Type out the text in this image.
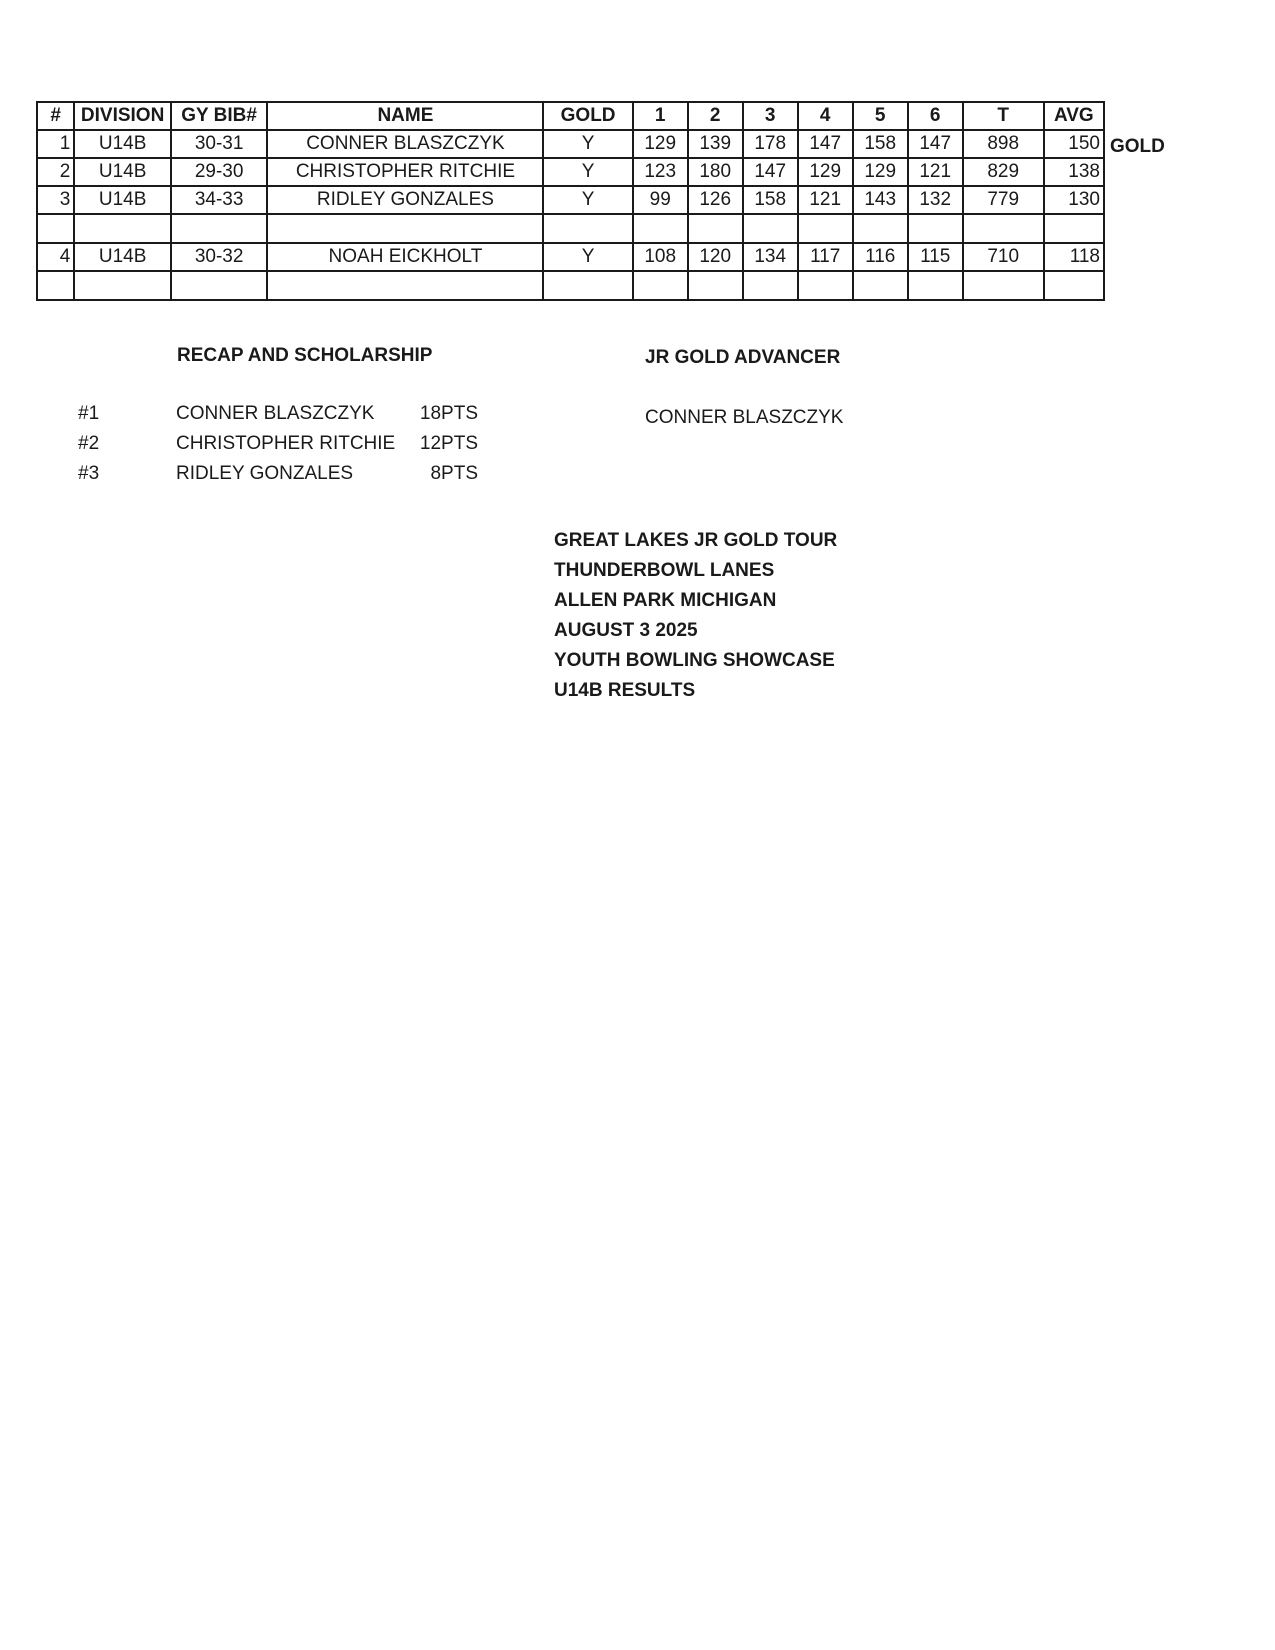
#	DIVISION	GY BIB#	NAME	GOLD	1	2	3	4	5	6	T	AVG
1	U14B	30-31	CONNER BLASZCZYK	Y	129	139	178	147	158	147	898	150
2	U14B	29-30	CHRISTOPHER RITCHIE	Y	123	180	147	129	129	121	829	138
3	U14B	34-33	RIDLEY GONZALES	Y	99	126	158	121	143	132	779	130

4	U14B	30-32	NOAH EICKHOLT	Y	108	120	134	117	116	115	710	118

GOLD
RECAP AND SCHOLARSHIP
#1	CONNER BLASZCZYK 18PTS
#2	CHRISTOPHER RITCHIE 12PTS
#3	RIDLEY GONZALES	8PTS
JR GOLD ADVANCER
CONNER BLASZCZYK
GREAT LAKES JR GOLD TOUR
THUNDERBOWL LANES
ALLEN PARK MICHIGAN
AUGUST 3 2025
YOUTH BOWLING SHOWCASE
U14B RESULTS
